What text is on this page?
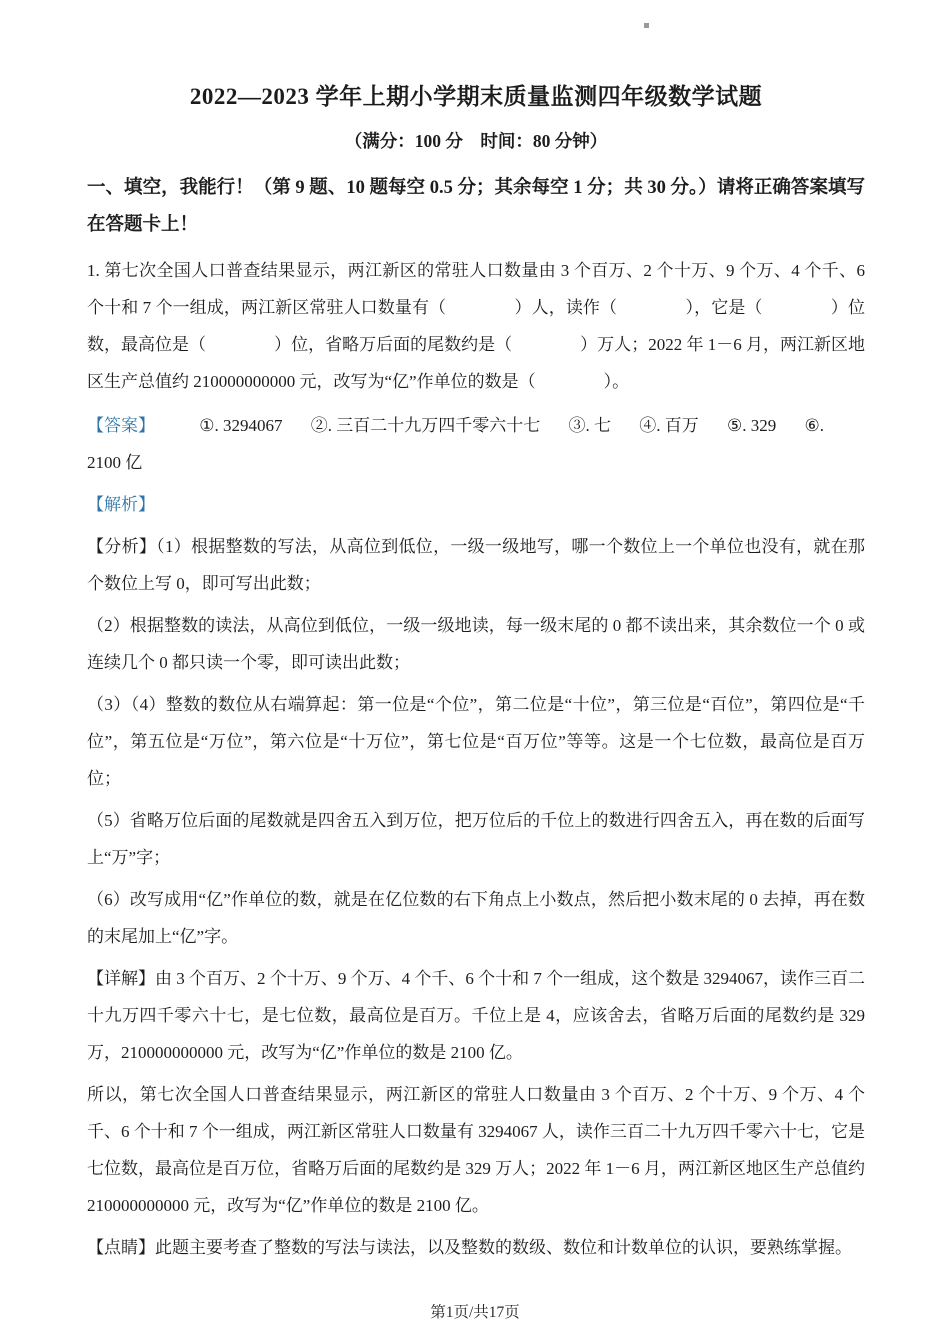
2022—2023 学年上期小学期末质量监测四年级数学试题
（满分：100 分　时间：80 分钟）
一、填空，我能行！（第 9 题、10 题每空 0.5 分；其余每空 1 分；共 30 分。）请将正确答案填写在答题卡上！
1. 第七次全国人口普查结果显示，两江新区的常驻人口数量由 3 个百万、2 个十万、9 个万、4 个千、6 个十和 7 个一组成，两江新区常驻人口数量有（　　　　）人，读作（　　　　），它是（　　　　）位数，最高位是（　　　　）位，省略万后面的尾数约是（　　　　）万人；2022 年 1－6 月，两江新区地区生产总值约 210000000000 元，改写为“亿”作单位的数是（　　　　）。
【答案】	①. 3294067 ②. 三百二十九万四千零六十七 ③. 七 ④. 百万 ⑤. 329 ⑥.
2100 亿
【解析】
【分析】（1）根据整数的写法，从高位到低位，一级一级地写，哪一个数位上一个单位也没有，就在那个数位上写 0，即可写出此数；
（2）根据整数的读法，从高位到低位，一级一级地读，每一级末尾的 0 都不读出来，其余数位一个 0 或连续几个 0 都只读一个零，即可读出此数；
（3）（4）整数的数位从右端算起：第一位是“个位”，第二位是“十位”，第三位是“百位”，第四位是“千位”，第五位是“万位”，第六位是“十万位”，第七位是“百万位”等等。这是一个七位数，最高位是百万位；
（5）省略万位后面的尾数就是四舍五入到万位，把万位后的千位上的数进行四舍五入，再在数的后面写上“万”字；
（6）改写成用“亿”作单位的数，就是在亿位数的右下角点上小数点，然后把小数末尾的 0 去掉，再在数的末尾加上“亿”字。
【详解】由 3 个百万、2 个十万、9 个万、4 个千、6 个十和 7 个一组成，这个数是 3294067，读作三百二十九万四千零六十七，是七位数，最高位是百万。千位上是 4，应该舍去，省略万后面的尾数约是 329 万，210000000000 元，改写为“亿”作单位的数是 2100 亿。
所以，第七次全国人口普查结果显示，两江新区的常驻人口数量由 3 个百万、2 个十万、9 个万、4 个千、6 个十和 7 个一组成，两江新区常驻人口数量有 3294067 人，读作三百二十九万四千零六十七，它是七位数，最高位是百万位，省略万后面的尾数约是 329 万人；2022 年 1－6 月，两江新区地区生产总值约 210000000000 元，改写为“亿”作单位的数是 2100 亿。
【点睛】此题主要考查了整数的写法与读法，以及整数的数级、数位和计数单位的认识，要熟练掌握。
第1页/共17页
